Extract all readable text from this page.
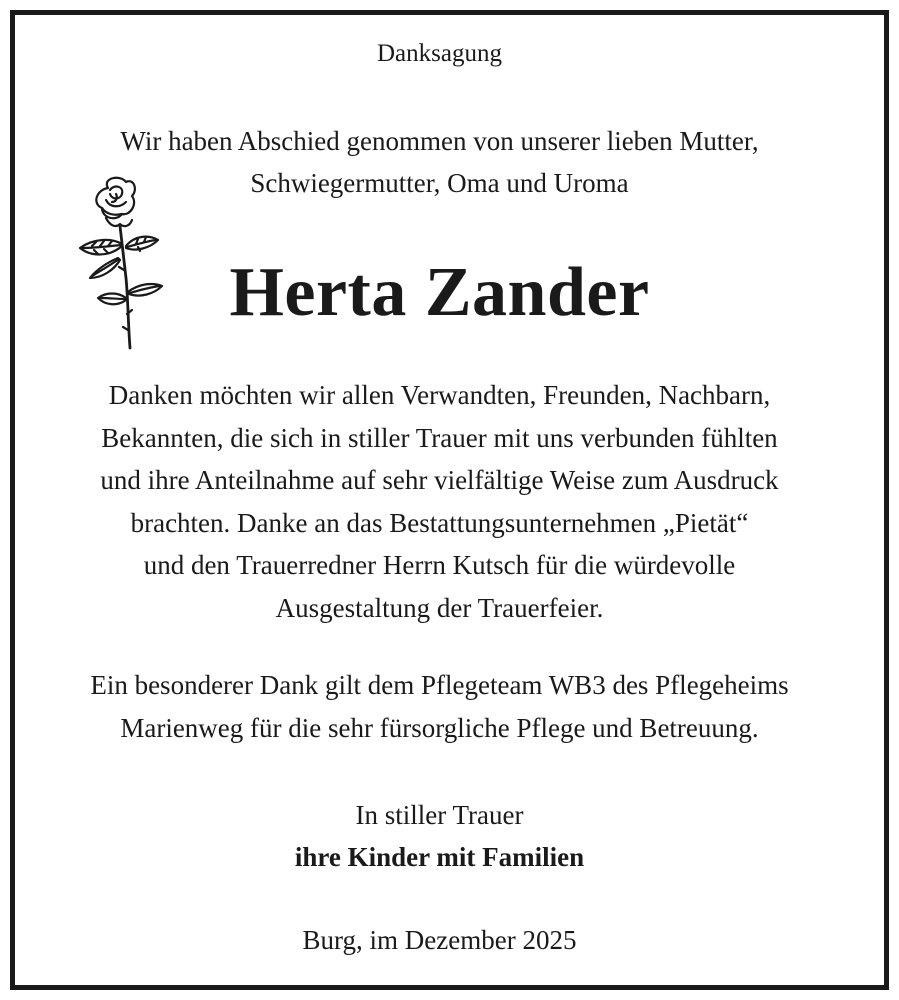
Danksagung
Wir haben Abschied genommen von unserer lieben Mutter,
Schwiegermutter, Oma und Uroma
Herta Zander
Danken möchten wir allen Verwandten, Freunden, Nachbarn,
Bekannten, die sich in stiller Trauer mit uns verbunden fühlten
und ihre Anteilnahme auf sehr vielfältige Weise zum Ausdruck
brachten. Danke an das Bestattungsunternehmen „Pietät“
und den Trauerredner Herrn Kutsch für die würdevolle
Ausgestaltung der Trauerfeier.
Ein besonderer Dank gilt dem Pflegeteam WB3 des Pflegeheims
Marienweg für die sehr fürsorgliche Pflege und Betreuung.
In stiller Trauer
ihre Kinder mit Familien
Burg, im Dezember 2025
